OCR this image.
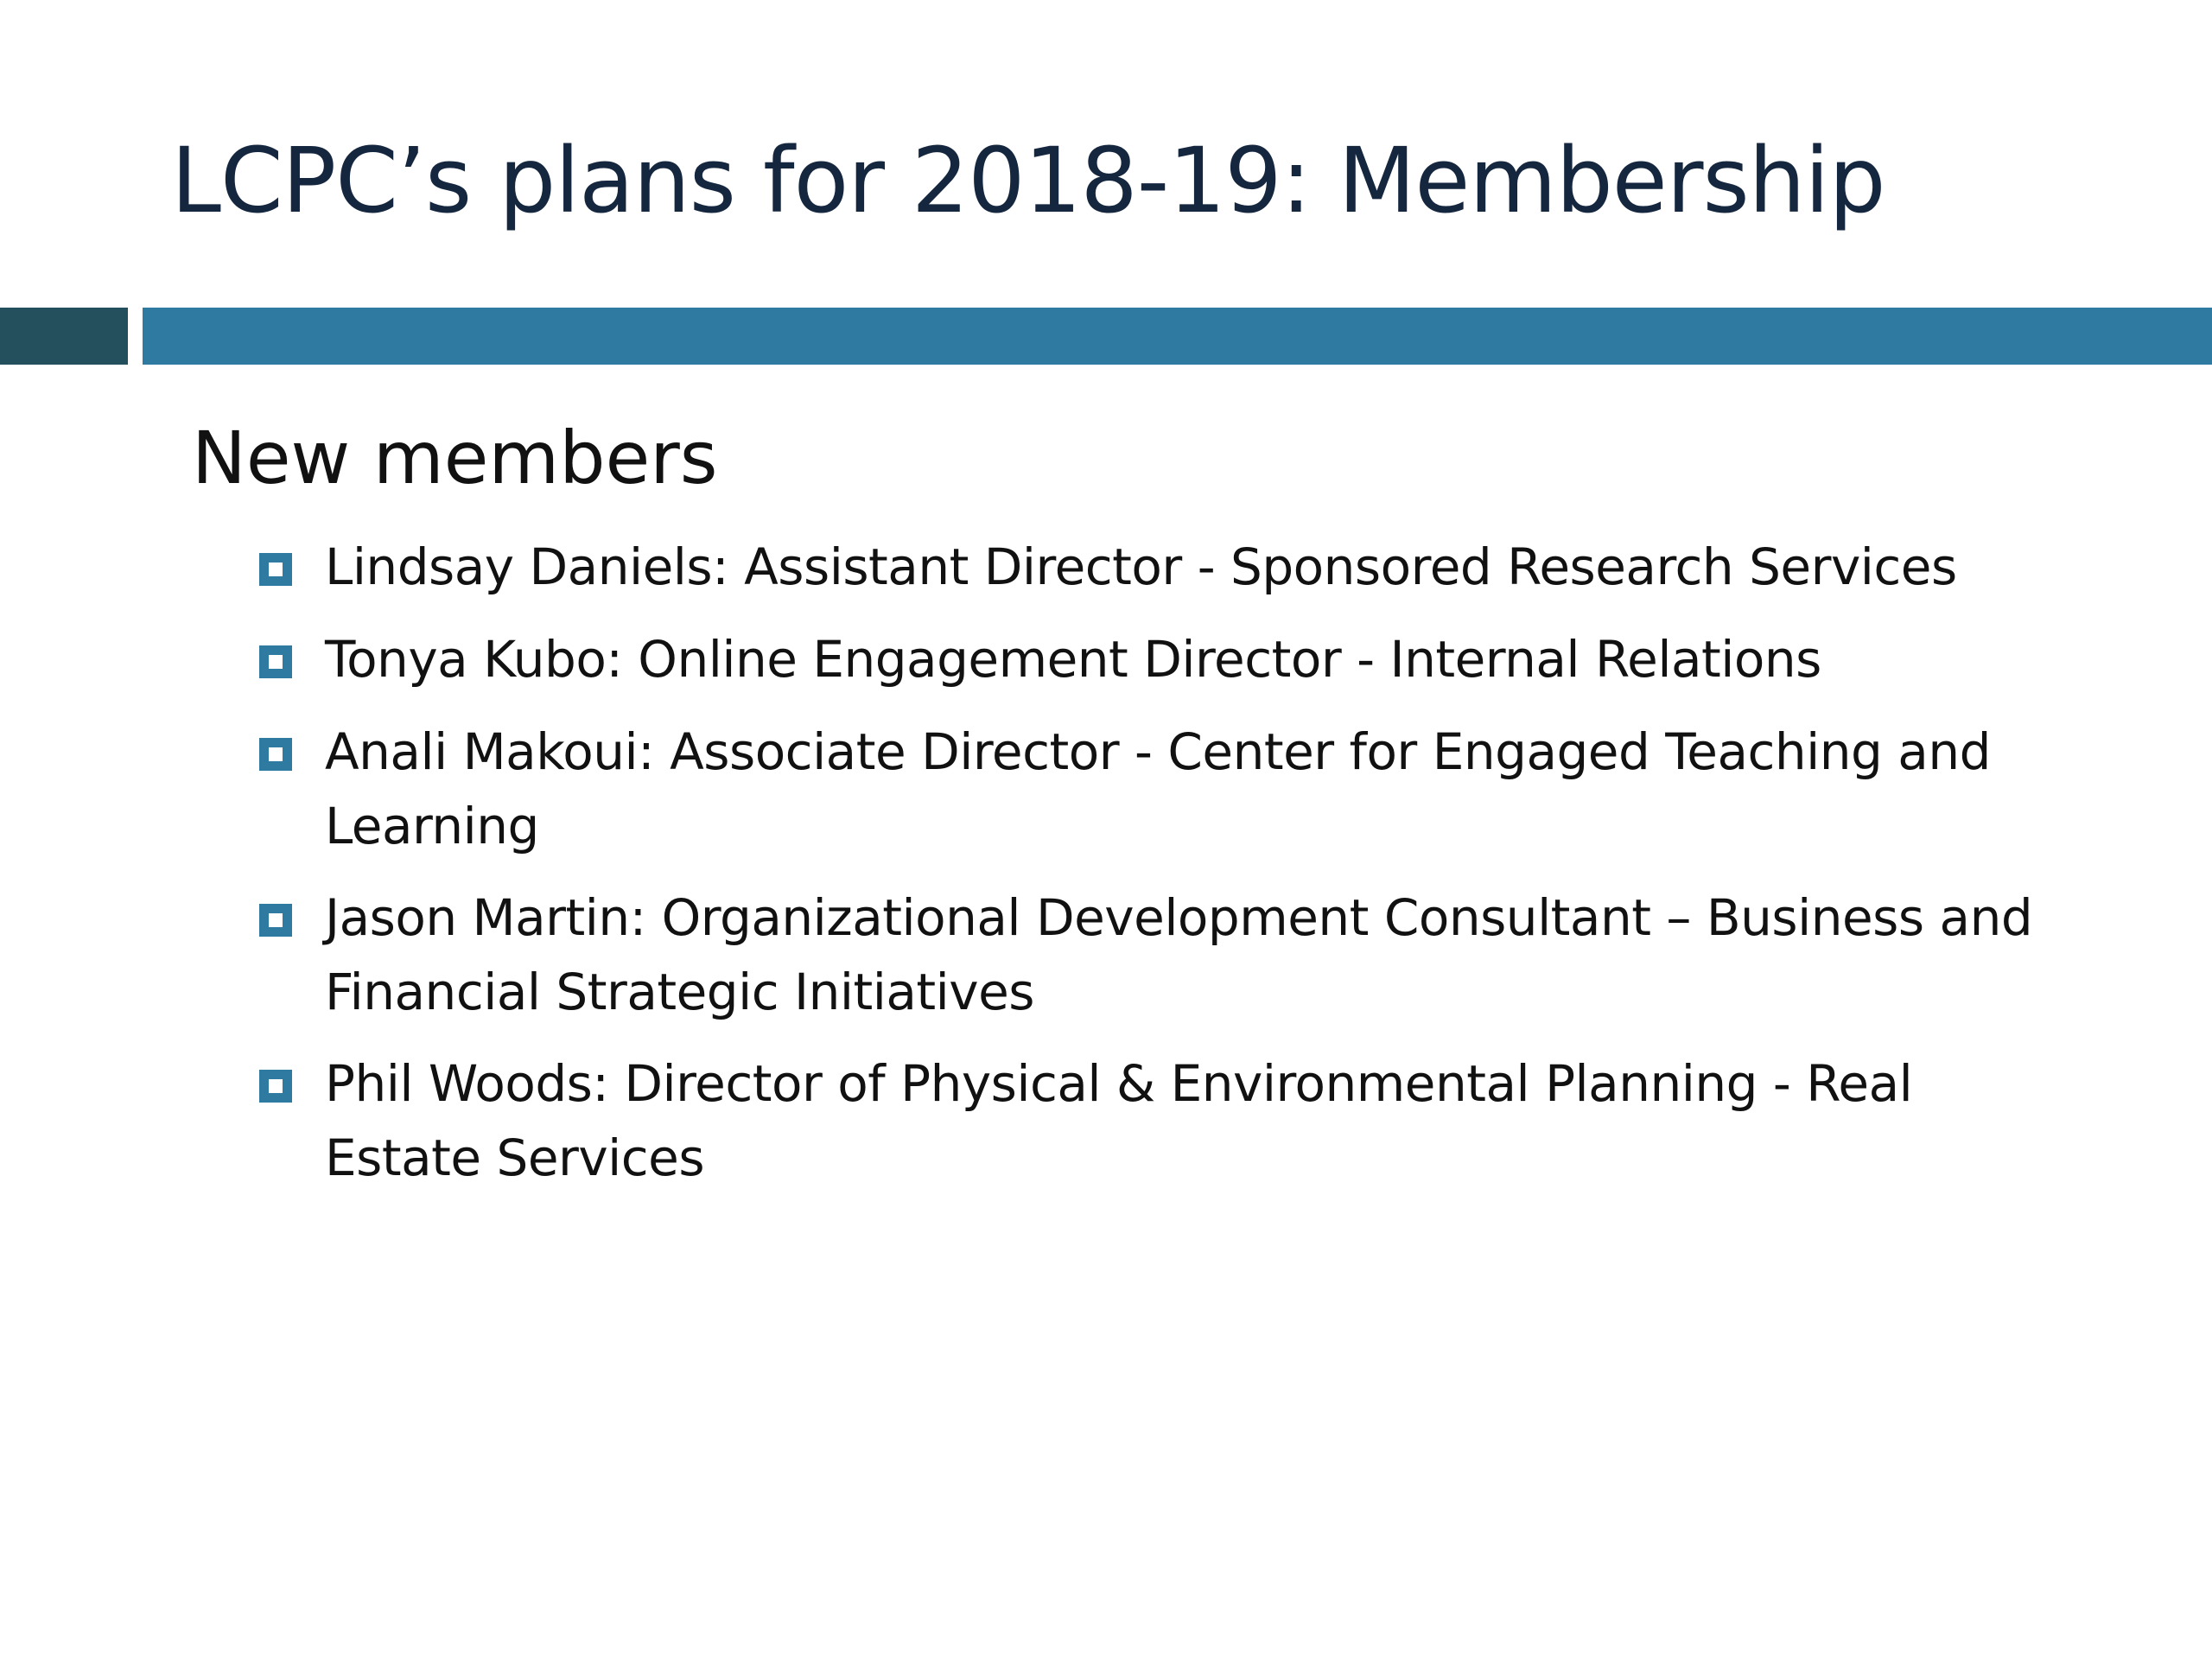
LCPC’s plans for 2018-19: Membership
New members
Lindsay Daniels: Assistant Director - Sponsored Research Services
Tonya Kubo: Online Engagement Director - Internal Relations
Anali Makoui: Associate Director - Center for Engaged Teaching and Learning
Jason Martin: Organizational Development Consultant – Business and Financial Strategic Initiatives
Phil Woods: Director of Physical & Environmental Planning - Real Estate Services
